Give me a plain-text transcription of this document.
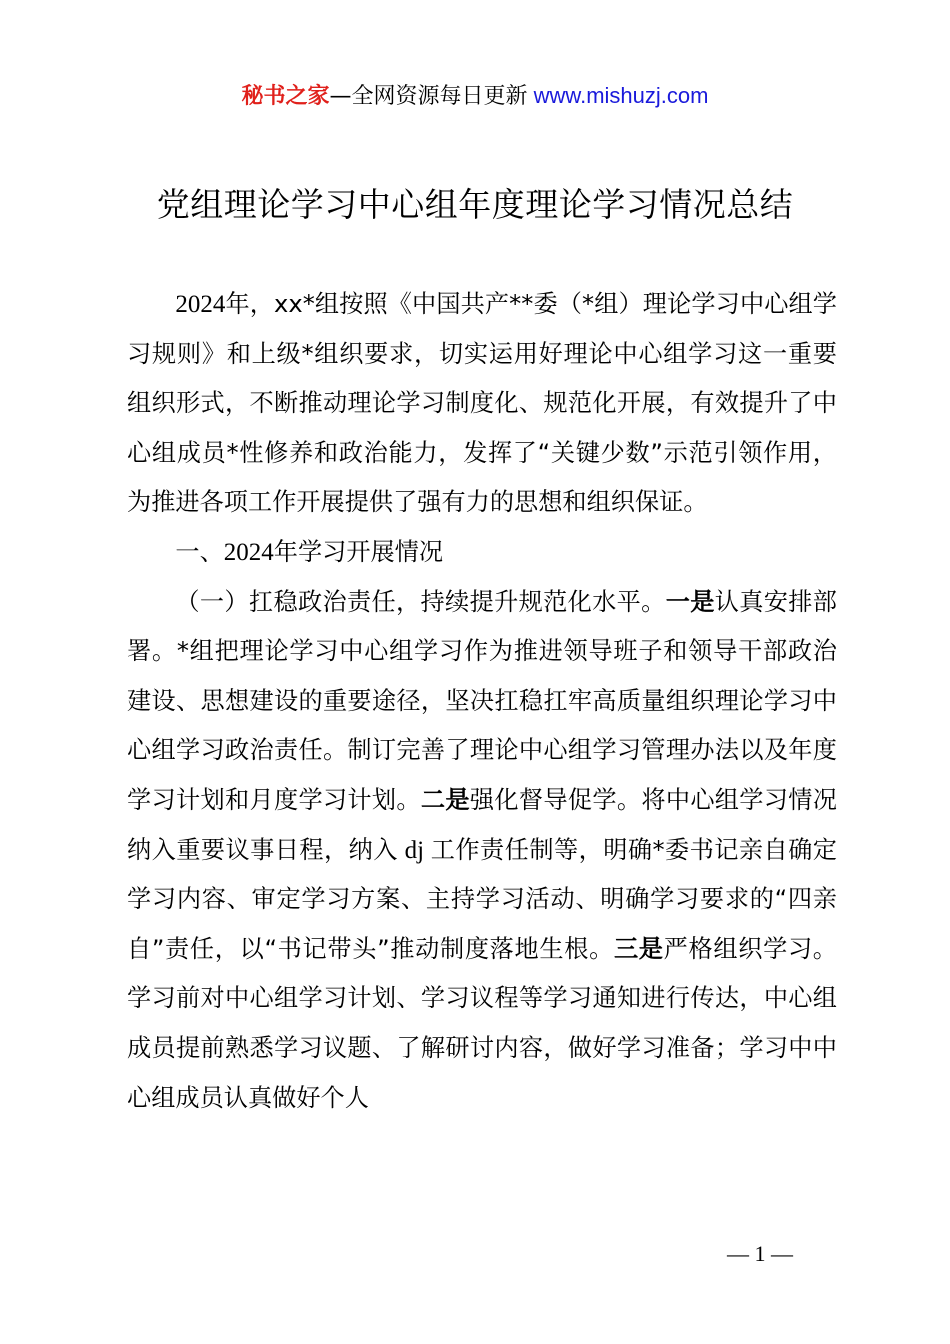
秘书之家—全网资源每日更新 www.mishuzj.com
党组理论学习中心组年度理论学习情况总结

2024年，xx*组按照《中国共产**委（*组）理论学习中心组学习规则》和上级*组织要求，切实运用好理论中心组学习这一重要组织形式，不断推动理论学习制度化、规范化开展，有效提升了中心组成员*性修养和政治能力，发挥了“关键少数”示范引领作用，为推进各项工作开展提供了强有力的思想和组织保证。

一、2024年学习开展情况

（一）扛稳政治责任，持续提升规范化水平。一是认真安排部署。*组把理论学习中心组学习作为推进领导班子和领导干部政治建设、思想建设的重要途径，坚决扛稳扛牢高质量组织理论学习中心组学习政治责任。制订完善了理论中心组学习管理办法以及年度学习计划和月度学习计划。二是强化督导促学。将中心组学习情况纳入重要议事日程，纳入 dj 工作责任制等，明确*委书记亲自确定学习内容、审定学习方案、主持学习活动、明确学习要求的“四亲自”责任，以“书记带头”推动制度落地生根。三是严格组织学习。学习前对中心组学习计划、学习议程等学习通知进行传达，中心组成员提前熟悉学习议题、了解研讨内容，做好学习准备；学习中中心组成员认真做好个人

— 1 —
